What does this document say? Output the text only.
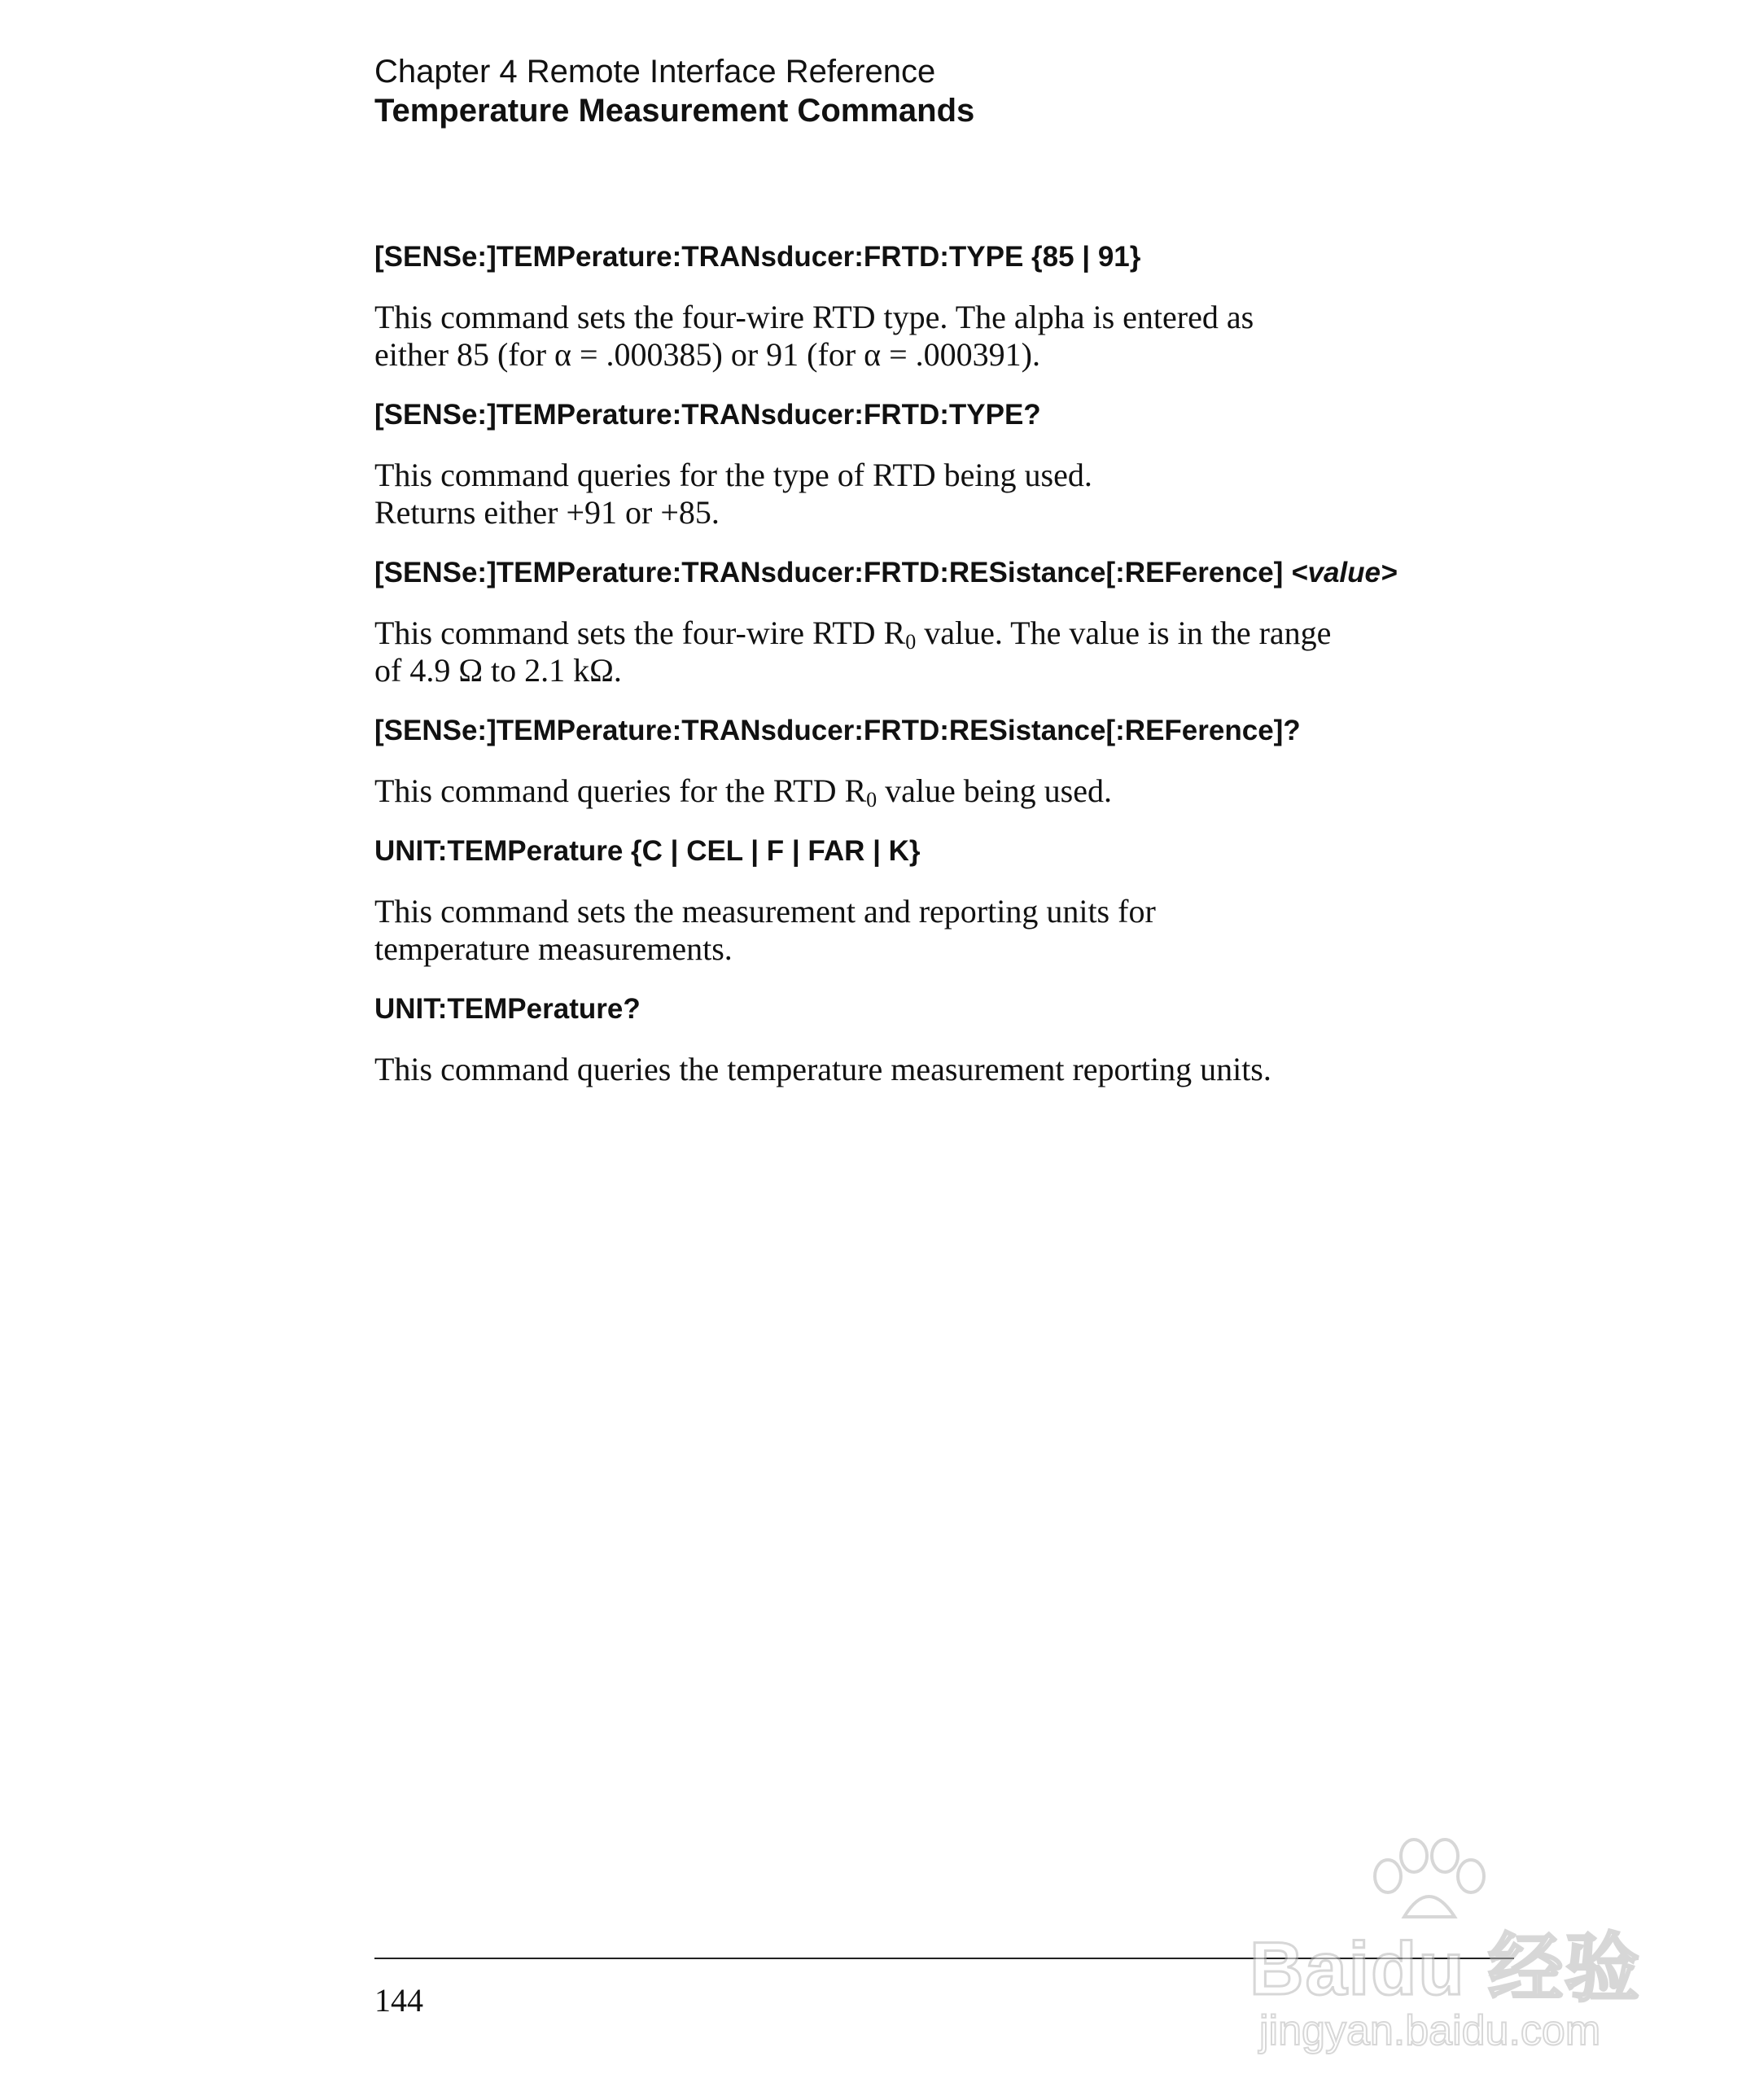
Chapter 4 Remote Interface Reference
Temperature Measurement Commands
[SENSe:]TEMPerature:TRANsducer:FRTD:TYPE {85 | 91}
This command sets the four-wire RTD type. The alpha is entered as
either 85 (for α = .000385) or 91 (for α = .000391).
[SENSe:]TEMPerature:TRANsducer:FRTD:TYPE?
This command queries for the type of RTD being used.
Returns either +91 or +85.
[SENSe:]TEMPerature:TRANsducer:FRTD:RESistance[:REFerence] <value>
This command sets the four-wire RTD $R_0$ value. The value is in the range
of 4.9 Ω to 2.1 kΩ.
[SENSe:]TEMPerature:TRANsducer:FRTD:RESistance[:REFerence]?
This command queries for the RTD $R_0$ value being used.
UNIT:TEMPerature {C | CEL | F | FAR | K}
This command sets the measurement and reporting units for
temperature measurements.
UNIT:TEMPerature?
This command queries the temperature measurement reporting units.
144	Baidu 经验
jingyan.baidu.com
